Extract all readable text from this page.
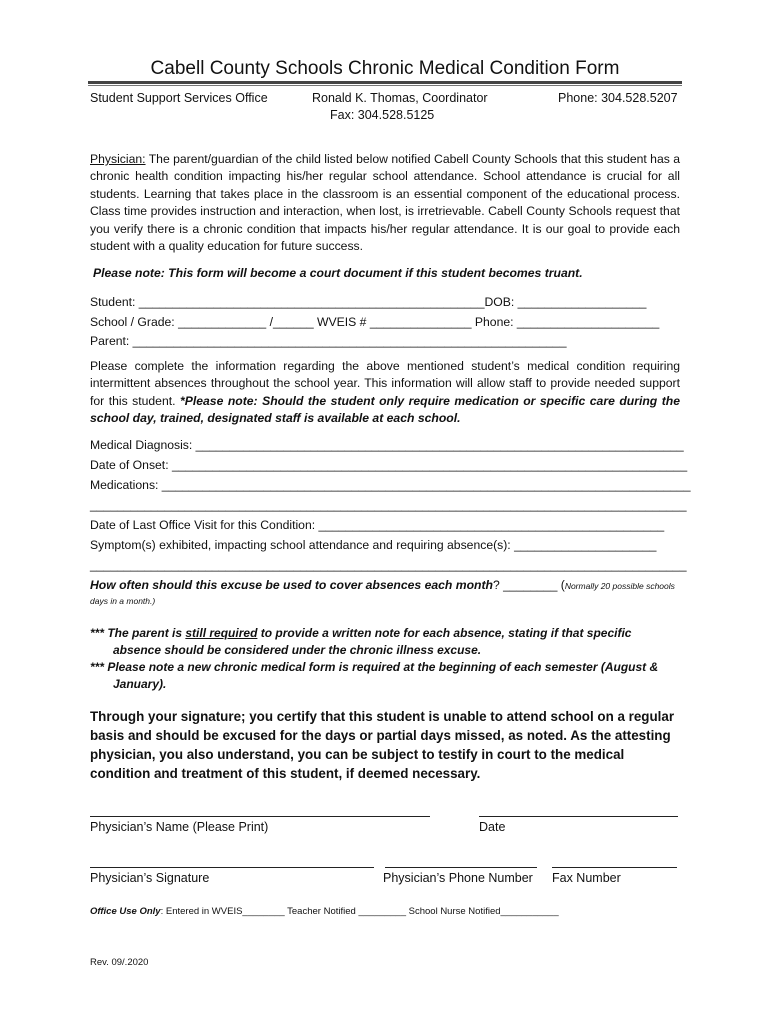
Cabell County Schools Chronic Medical Condition Form
Student Support Services Office	Ronald K. Thomas, Coordinator	Phone: 304.528.5207
Fax: 304.528.5125
Physician: The parent/guardian of the child listed below notified Cabell County Schools that this student has a chronic health condition impacting his/her regular school attendance. School attendance is crucial for all students. Learning that takes place in the classroom is an essential component of the educational process. Class time provides instruction and interaction, when lost, is irretrievable. Cabell County Schools request that you verify there is a chronic condition that impacts his/her regular attendance. It is our goal to provide each student with a quality education for future success.
Please note: This form will become a court document if this student becomes truant.
Student: ___________________________________________________DOB: ___________________
School / Grade: _____________ /______ WVEIS # _______________ Phone: _____________________
Parent: ________________________________________________________________
Please complete the information regarding the above mentioned student’s medical condition requiring intermittent absences throughout the school year. This information will allow staff to provide needed support for this student. *Please note: Should the student only require medication or specific care during the school day, trained, designated staff is available at each school.
Medical Diagnosis: ________________________________________________________________________
Date of Onset: ____________________________________________________________________________
Medications: ______________________________________________________________________________
________________________________________________________________________________________
Date of Last Office Visit for this Condition: ___________________________________________________
Symptom(s) exhibited, impacting school attendance and requiring absence(s): _____________________
________________________________________________________________________________________
How often should this excuse be used to cover absences each month? ________ (Normally 20 possible schools
days in a month.)
*** The parent is still required to provide a written note for each absence, stating if that specific
absence should be considered under the chronic illness excuse.
*** Please note a new chronic medical form is required at the beginning of each semester (August &
January).
Through your signature; you certify that this student is unable to attend school on a regular basis and should be excused for the days or partial days missed, as noted. As the attesting physician, you also understand, you can be subject to testify in court to the medical condition and treatment of this student, if deemed necessary.
Physician’s Name (Please Print)	Date
Physician’s Signature	Physician’s Phone Number Fax Number
Office Use Only: Entered in WVEIS________ Teacher Notified _________ School Nurse Notified___________
Rev. 09/.2020
